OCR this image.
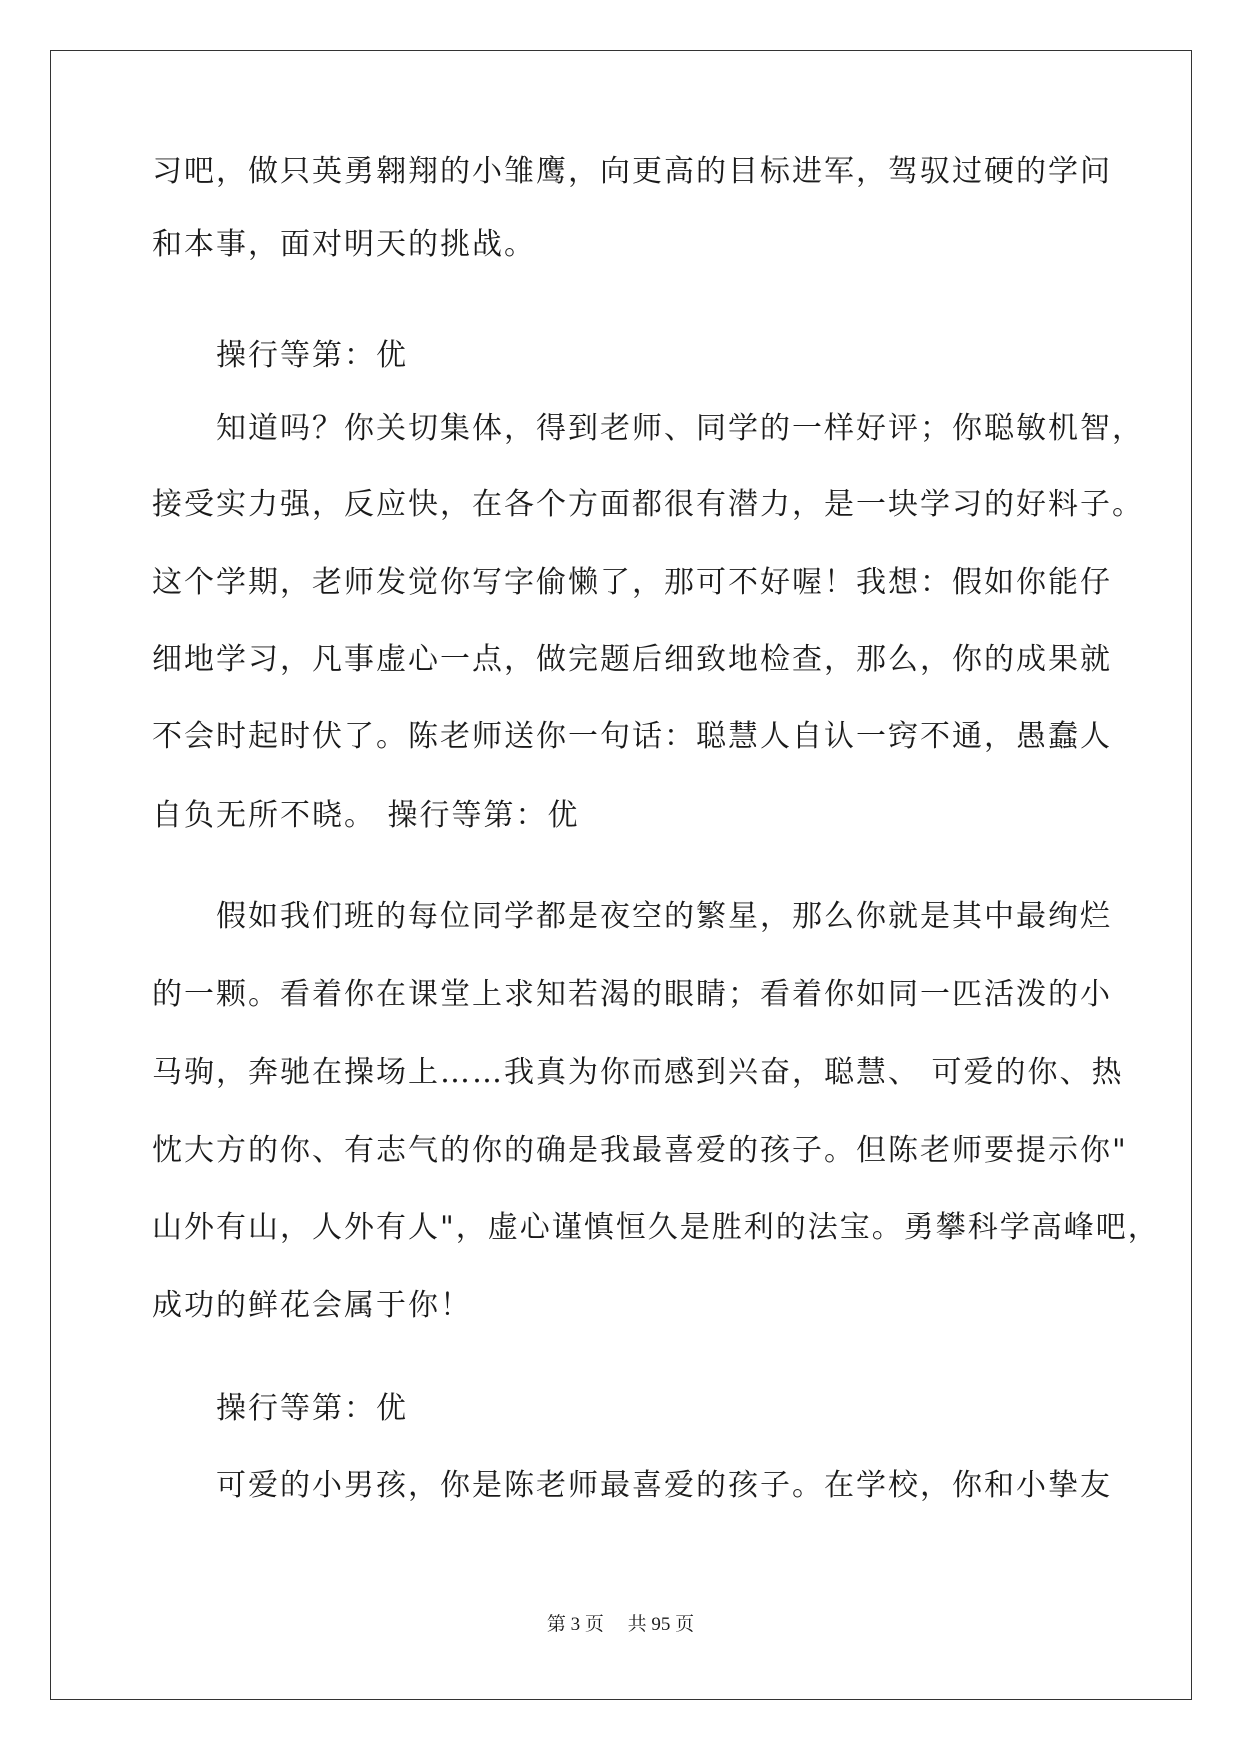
习吧，做只英勇翱翔的小雏鹰，向更高的目标进军，驾驭过硬的学问
和本事，面对明天的挑战。
操行等第：优
知道吗？你关切集体，得到老师、同学的一样好评；你聪敏机智，
接受实力强，反应快，在各个方面都很有潜力，是一块学习的好料子。
这个学期，老师发觉你写字偷懒了，那可不好喔！我想：假如你能仔
细地学习，凡事虚心一点，做完题后细致地检查，那么，你的成果就
不会时起时伏了。陈老师送你一句话：聪慧人自认一窍不通，愚蠢人
自负无所不晓。 操行等第：优
假如我们班的每位同学都是夜空的繁星，那么你就是其中最绚烂
的一颗。看着你在课堂上求知若渴的眼睛；看着你如同一匹活泼的小
马驹，奔驰在操场上……我真为你而感到兴奋，聪慧、 可爱的你、热
忱大方的你、有志气的你的确是我最喜爱的孩子。但陈老师要提示你"
山外有山，人外有人"，虚心谨慎恒久是胜利的法宝。勇攀科学高峰吧，
成功的鲜花会属于你！
操行等第：优
可爱的小男孩，你是陈老师最喜爱的孩子。在学校，你和小挚友
第 3 页　 共 95 页
